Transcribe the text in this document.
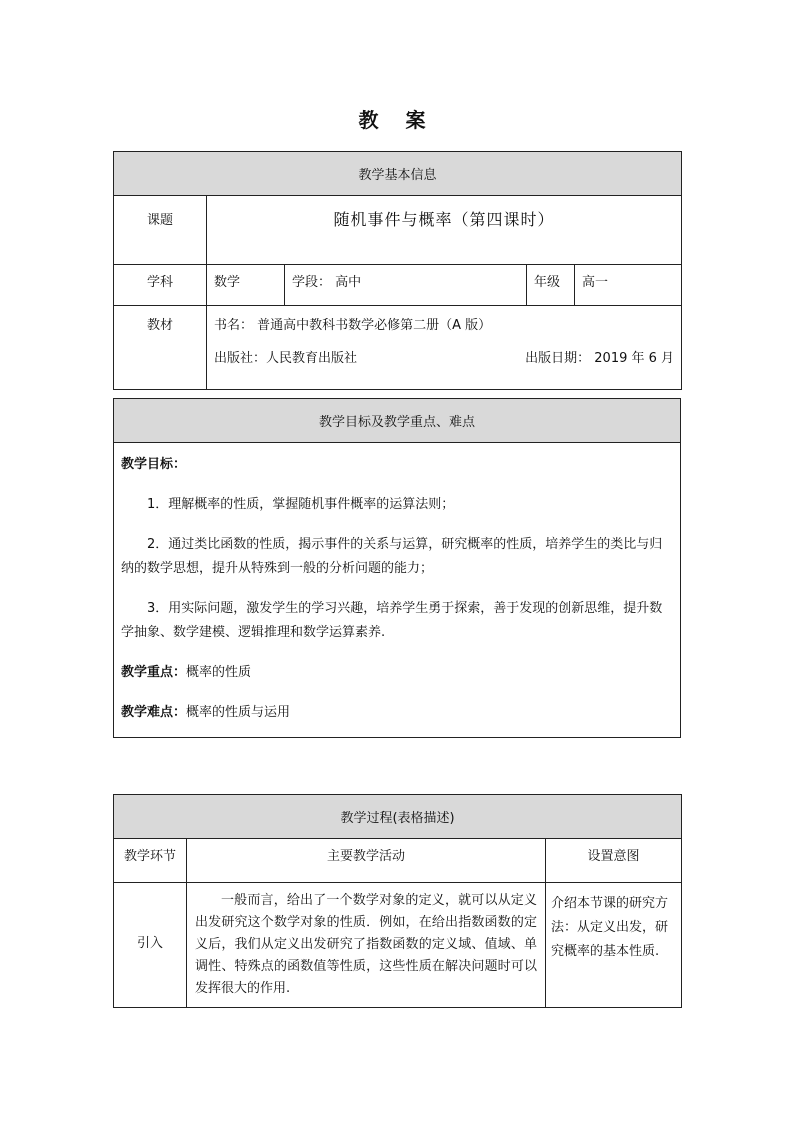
教 案
教学基本信息				
课题	随机事件与概率（第四课时）			
学科	数学	学段： 高中	年级	高一
教材	书名： 普通高中教科书数学必修第二册（A 版）
出版社：人民教育出版社 出版日期： 2019 年 6 月			
教学目标及教学重点、难点

教学目标：

1．理解概率的性质，掌握随机事件概率的运算法则；

2．通过类比函数的性质，揭示事件的关系与运算，研究概率的性质，培养学生的类比与归纳的数学思想，提升从特殊到一般的分析问题的能力；

3．用实际问题，激发学生的学习兴趣，培养学生勇于探索，善于发现的创新思维，提升数学抽象、数学建模、逻辑推理和数学运算素养.

教学重点：概率的性质

教学难点：概率的性质与运用

教学过程(表格描述)		
教学环节	主要教学活动	设置意图
引入	一般而言，给出了一个数学对象的定义，就可以从定义出发研究这个数学对象的性质．例如，在给出指数函数的定义后，我们从定义出发研究了指数函数的定义域、值域、单调性、特殊点的函数值等性质，这些性质在解决问题时可以发挥很大的作用.	介绍本节课的研究方法：从定义出发，研究概率的基本性质.
